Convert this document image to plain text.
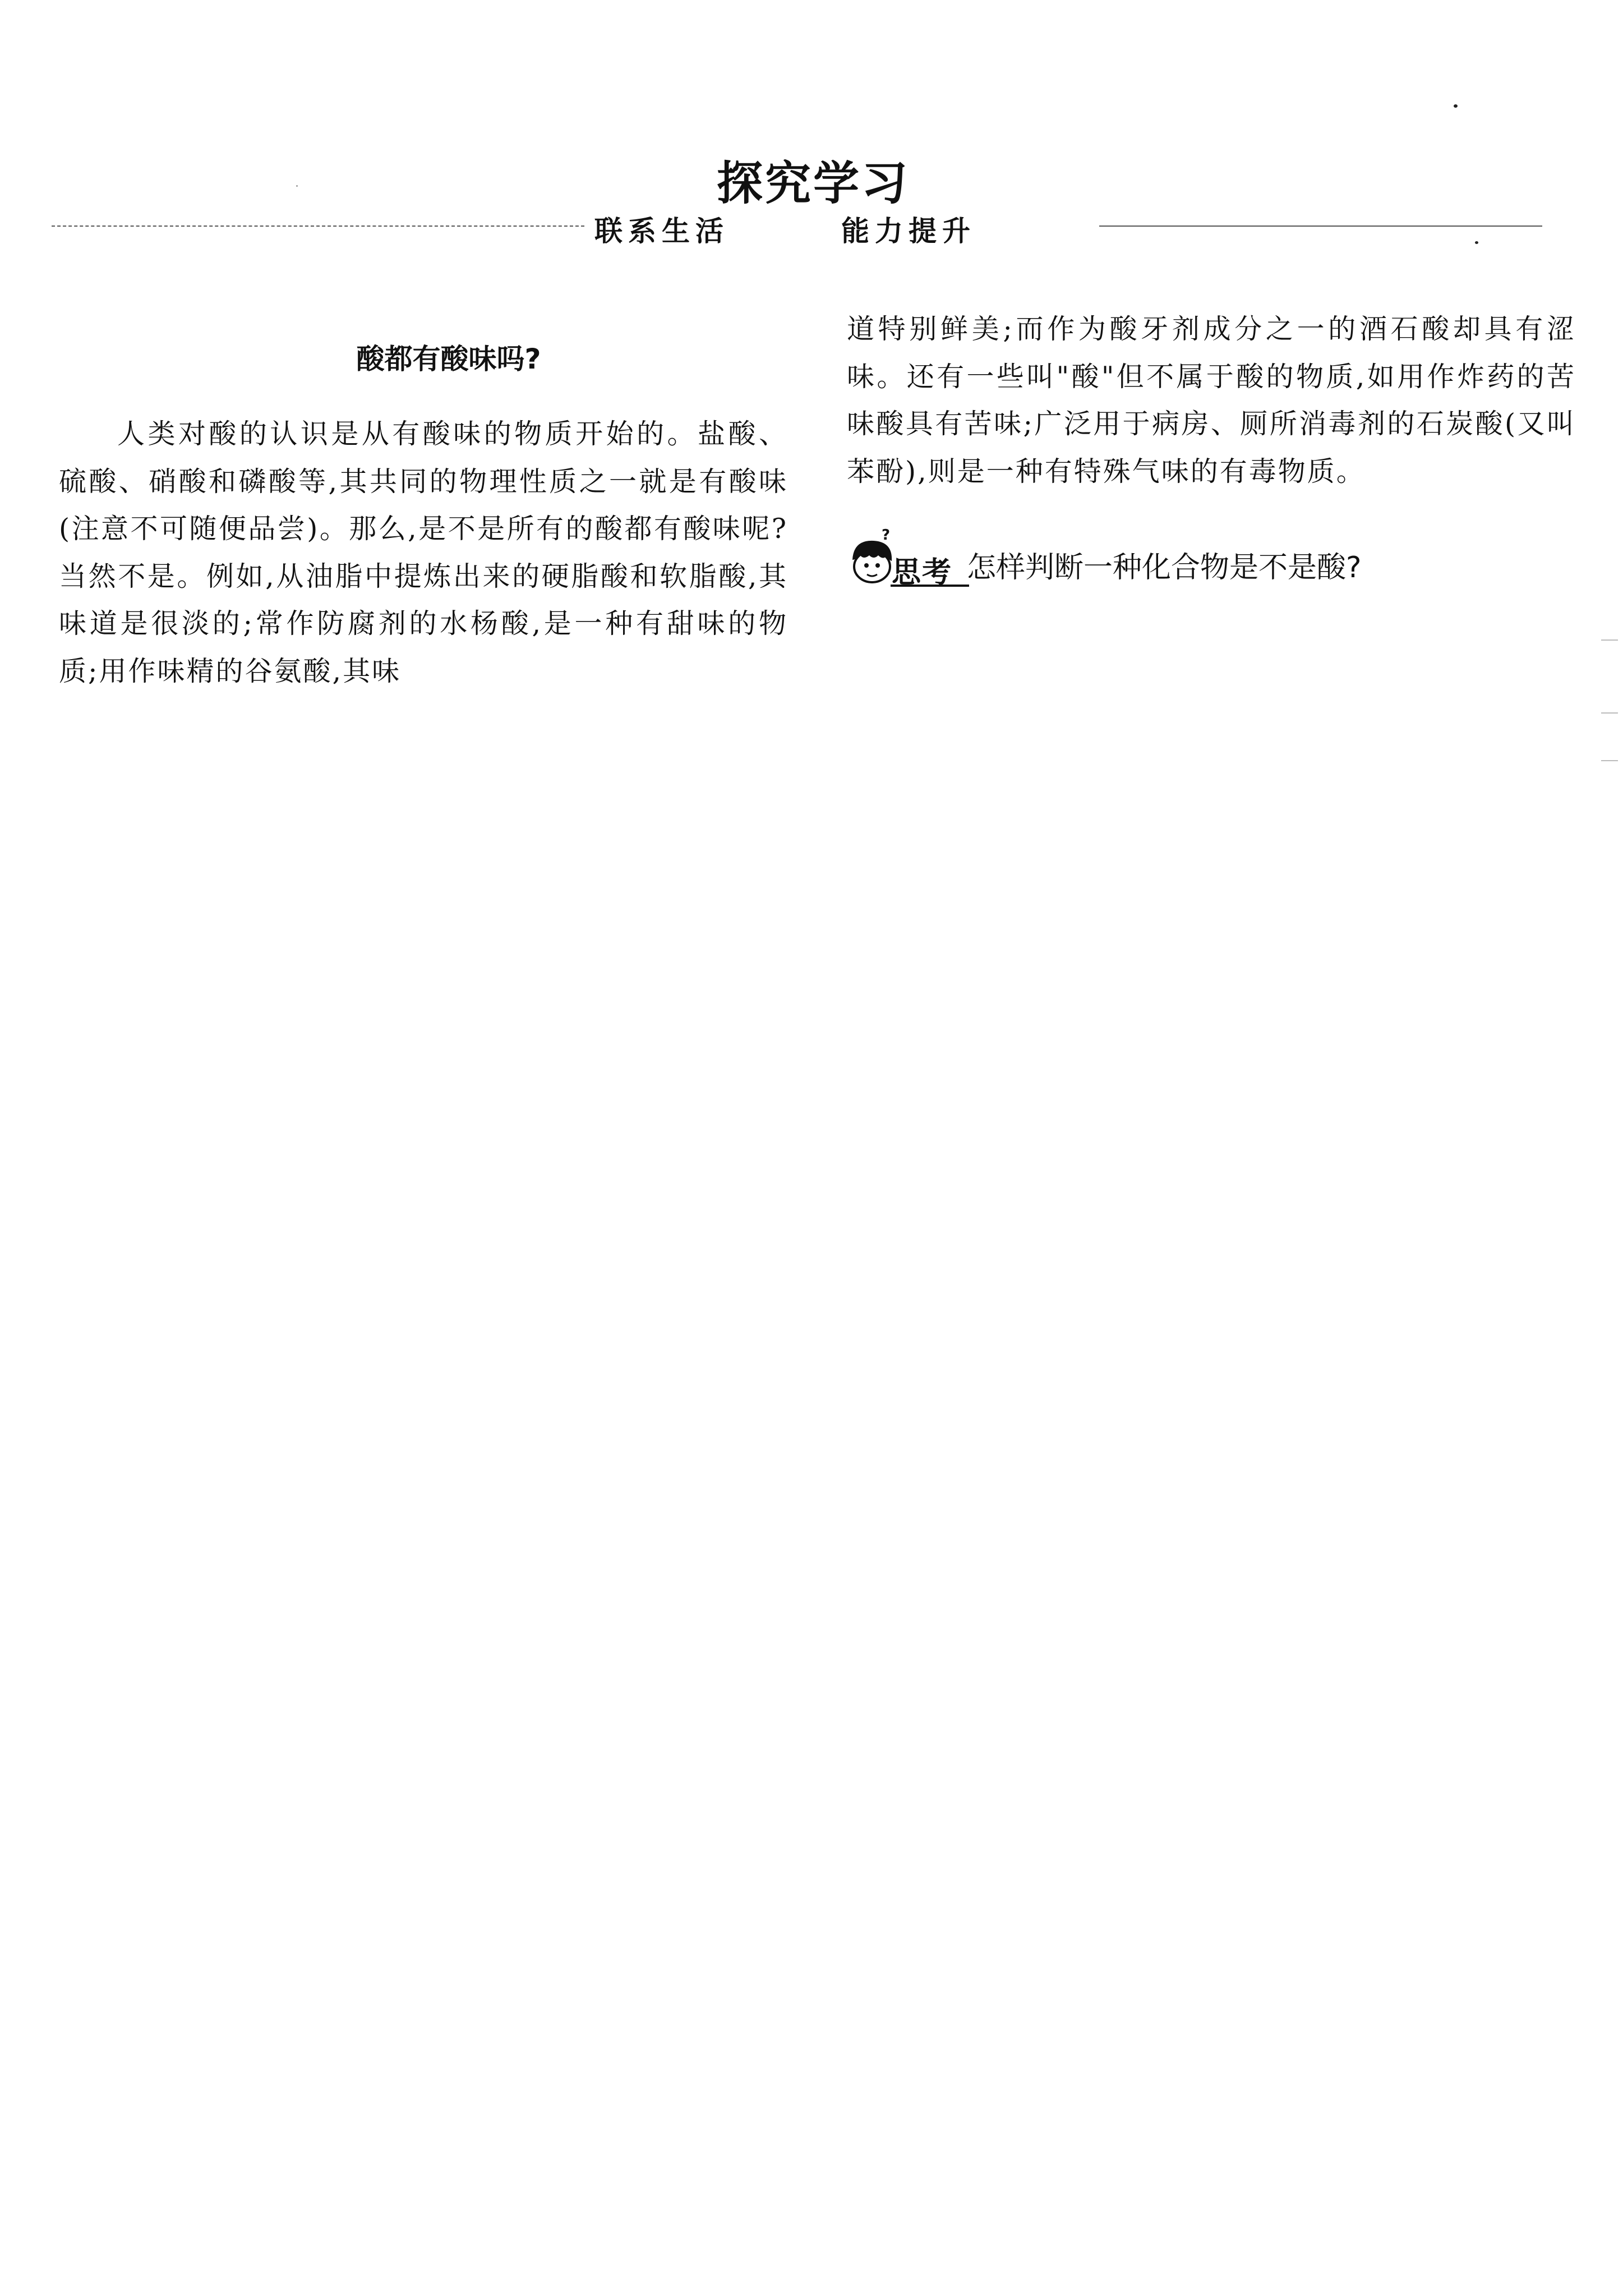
探究学习
联系生活	能力提升
酸都有酸味吗?
人类对酸的认识是从有酸味的物质开始的。盐酸、硫酸、硝酸和磷酸等,其共同的物理性质之一就是有酸味(注意不可随便品尝)。那么,是不是所有的酸都有酸味呢?当然不是。例如,从油脂中提炼出来的硬脂酸和软脂酸,其味道是很淡的;常作防腐剂的水杨酸,是一种有甜味的物质;用作味精的谷氨酸,其味
道特别鲜美;而作为酸牙剂成分之一的酒石酸却具有涩味。还有一些叫"酸"但不属于酸的物质,如用作炸药的苦味酸具有苦味;广泛用于病房、厕所消毒剂的石炭酸(又叫苯酚),则是一种有特殊气味的有毒物质。
?
思考 怎样判断一种化合物是不是酸?
